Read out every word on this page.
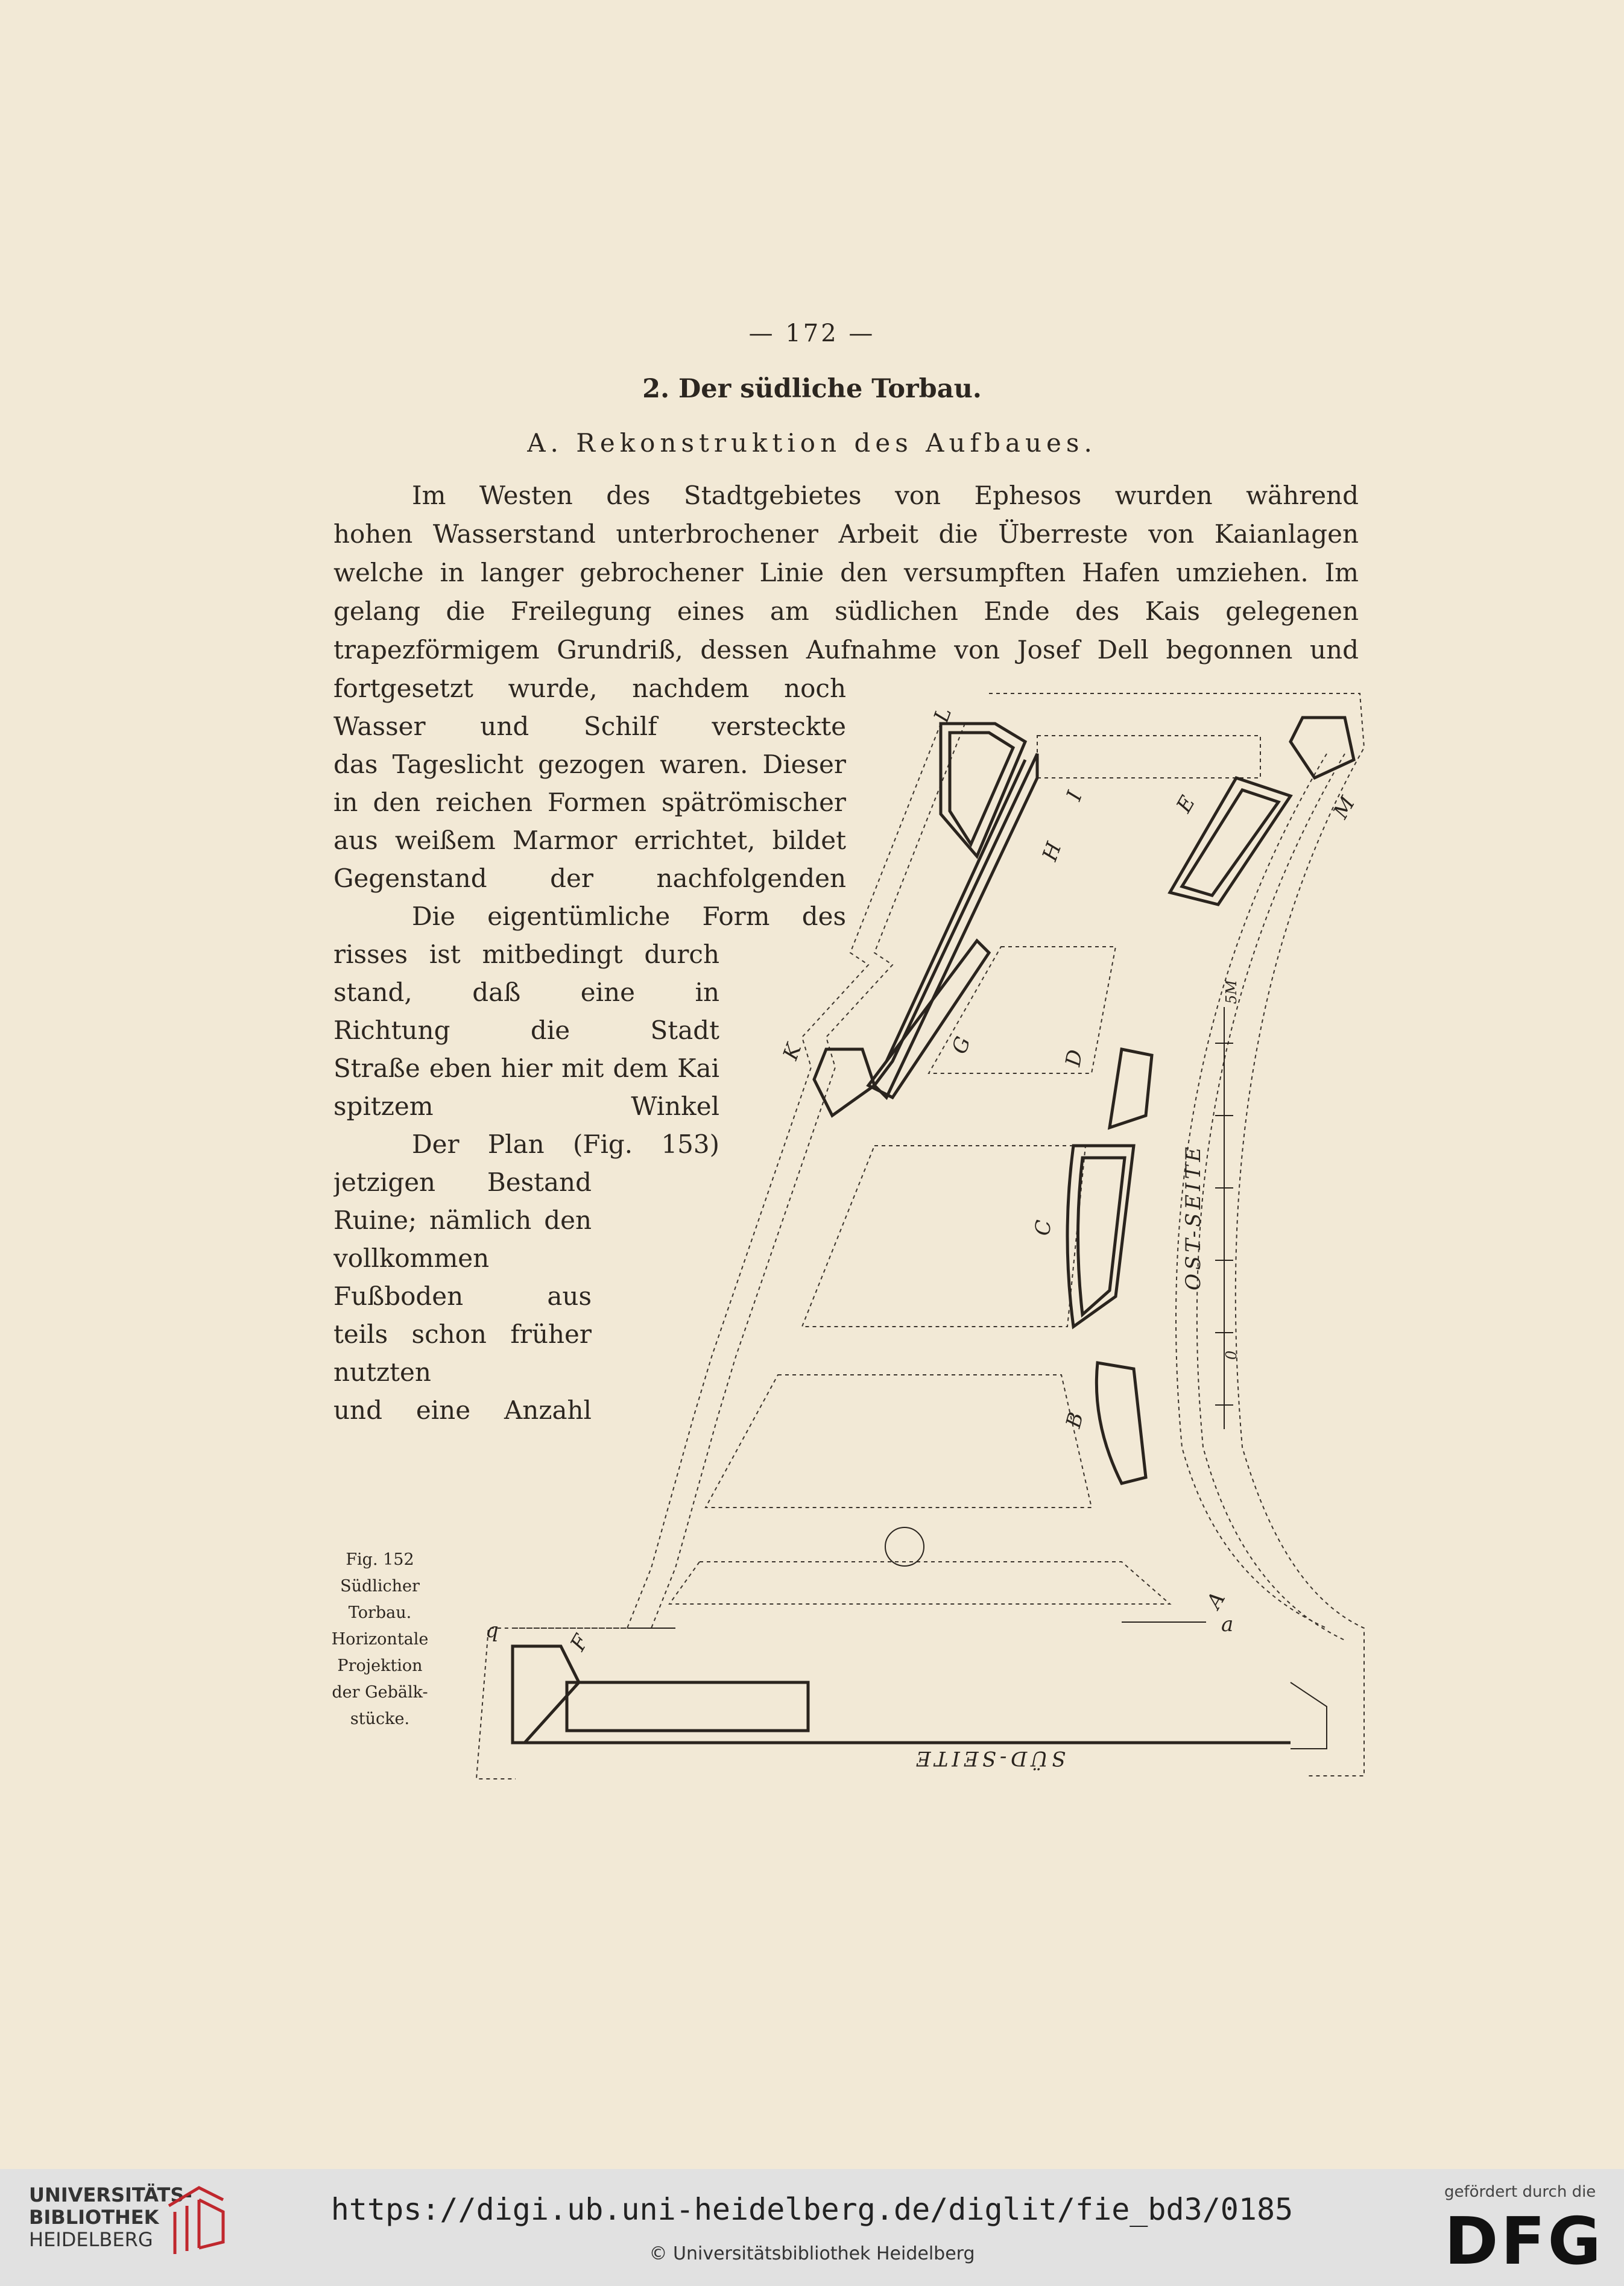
— 172 —
2. Der südliche Torbau.
A. Rekonstruktion des Aufbaues.
Im Westen des Stadtgebietes von Ephesos wurden während
hohen Wasserstand unterbrochener Arbeit die Überreste von Kaianlagen
welche in langer gebrochener Linie den versumpften Hafen umziehen. Im
gelang die Freilegung eines am südlichen Ende des Kais gelegenen
trapezförmigem Grundriß, dessen Aufnahme von Josef Dell begonnen und
fortgesetzt wurde, nachdem noch
Wasser und Schilf versteckte
das Tageslicht gezogen waren. Dieser
in den reichen Formen spätrömischer
aus weißem Marmor errichtet, bildet
Gegenstand der nachfolgenden
Die eigentümliche Form des
risses ist mitbedingt durch
stand, daß eine in
Richtung die Stadt
Straße eben hier mit dem Kai
spitzem Winkel
Der Plan (Fig. 153)
jetzigen Bestand
Ruine; nämlich den
vollkommen
Fußboden aus
teils schon früher
nutzten
und eine Anzahl
Fig. 152
Südlicher
Torbau.
Horizontale
Projektion
der Gebälk-
stücke.
L
I
H
E	M
G
K	D
C
B
A
F
q	a
5M
0
OST-SEITE
SÜD-SEITE
UNIVERSITÄTS-
BIBLIOTHEK
HEIDELBERG
https://digi.ub.uni-heidelberg.de/diglit/fie_bd3/0185
© Universitätsbibliothek Heidelberg
gefördert durch die
DFG
